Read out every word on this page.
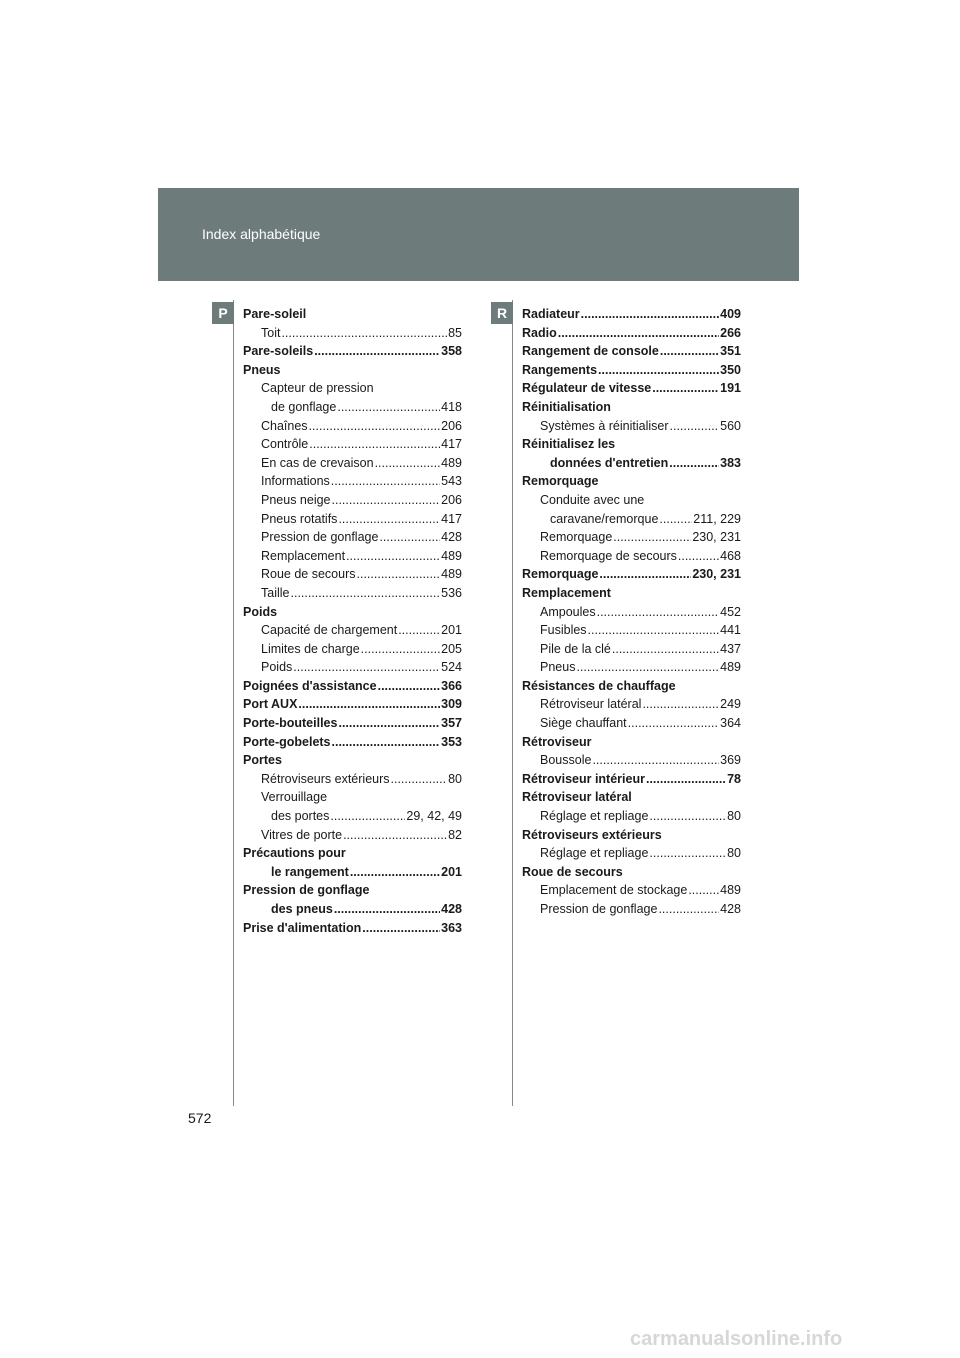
Index alphabétique
P	R
Pare-soleil
Toit .....	85
Pare-soleils .....	358
Pneus
Capteur de pression
de gonflage .....	418
Chaînes .....	206
Contrôle .....	417
En cas de crevaison .....	489
Informations .....	543
Pneus neige .....	206
Pneus rotatifs .....	417
Pression de gonflage .....	428
Remplacement .....	489
Roue de secours .....	489
Taille .....	536
Poids
Capacité de chargement .....	201
Limites de charge .....	205
Poids .....	524
Poignées d'assistance .....	366
Port AUX .....	309
Porte-bouteilles .....	357
Porte-gobelets .....	353
Portes
Rétroviseurs extérieurs .....	80
Verrouillage
des portes .....	29, 42, 49
Vitres de porte .....	82
Précautions pour
le rangement .....	201
Pression de gonflage
des pneus .....	428
Prise d'alimentation .....	363
Radiateur .....	409
Radio .....	266
Rangement de console .....	351
Rangements .....	350
Régulateur de vitesse .....	191
Réinitialisation
Systèmes à réinitialiser .....	560
Réinitialisez les
données d'entretien .....	383
Remorquage
Conduite avec une
caravane/remorque .....	211, 229
Remorquage .....	230, 231
Remorquage de secours .....	468
Remorquage .....	230, 231
Remplacement
Ampoules .....	452
Fusibles .....	441
Pile de la clé .....	437
Pneus .....	489
Résistances de chauffage
Rétroviseur latéral .....	249
Siège chauffant .....	364
Rétroviseur
Boussole .....	369
Rétroviseur intérieur .....	78
Rétroviseur latéral
Réglage et repliage .....	80
Rétroviseurs extérieurs
Réglage et repliage .....	80
Roue de secours
Emplacement de stockage .....	489
Pression de gonflage .....	428
572
carmanualsonline.info
